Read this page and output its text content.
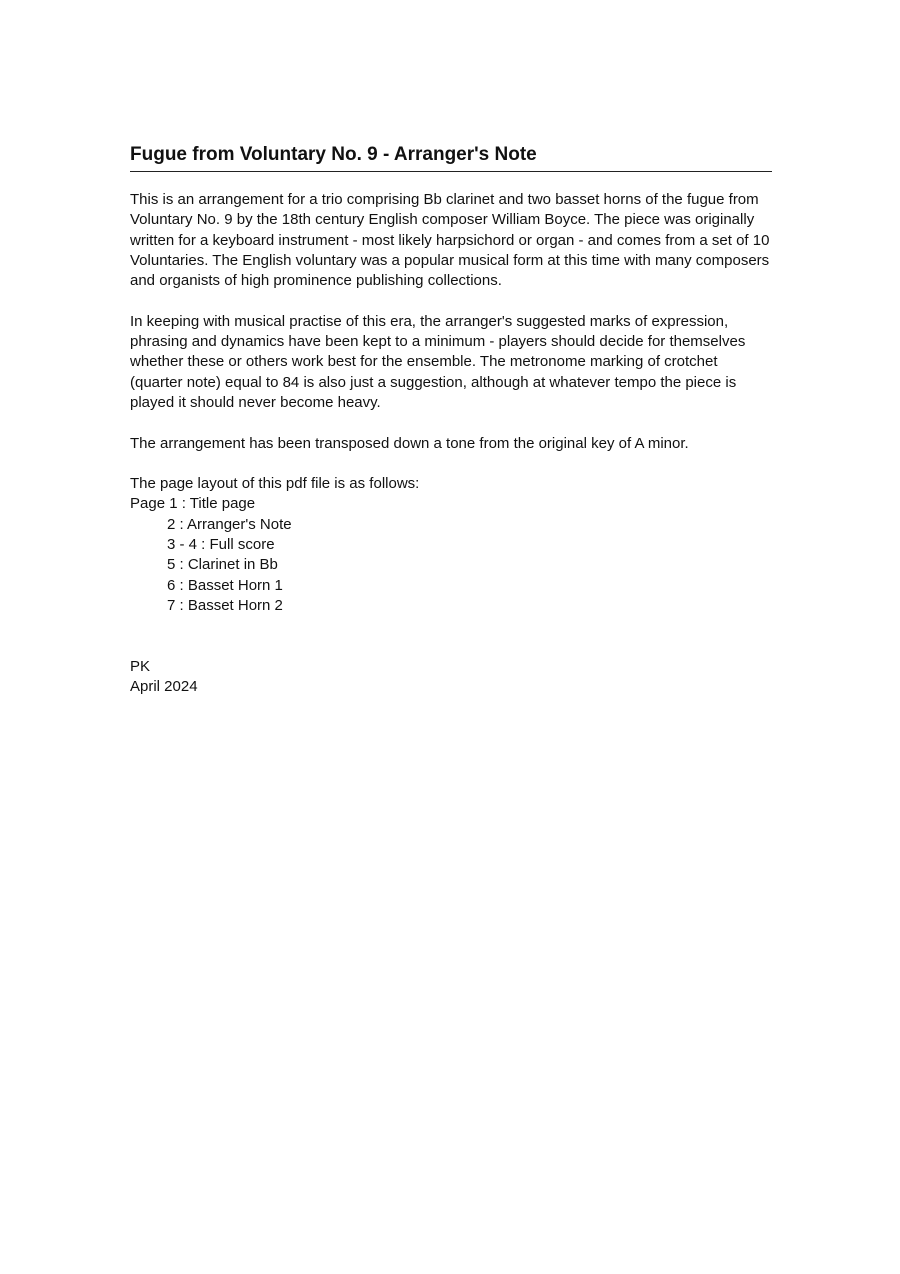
Fugue from Voluntary No. 9 - Arranger's Note

This is an arrangement for a trio comprising Bb clarinet and two basset horns of the fugue from Voluntary No. 9 by the 18th century English composer William Boyce. The piece was originally written for a keyboard instrument - most likely harpsichord or organ - and comes from a set of 10 Voluntaries. The English voluntary was a popular musical form at this time with many composers and organists of high prominence publishing collections.

In keeping with musical practise of this era, the arranger's suggested marks of expression, phrasing and dynamics have been kept to a minimum - players should decide for themselves whether these or others work best for the ensemble. The metronome marking of crotchet (quarter note) equal to 84 is also just a suggestion, although at whatever tempo the piece is played it should never become heavy.

The arrangement has been transposed down a tone from the original key of A minor.

The page layout of this pdf file is as follows:

Page 1 : Title page
2 : Arranger's Note
3 - 4 : Full score
5 : Clarinet in Bb
6 : Basset Horn 1
7 : Basset Horn 2
PK
April 2024
